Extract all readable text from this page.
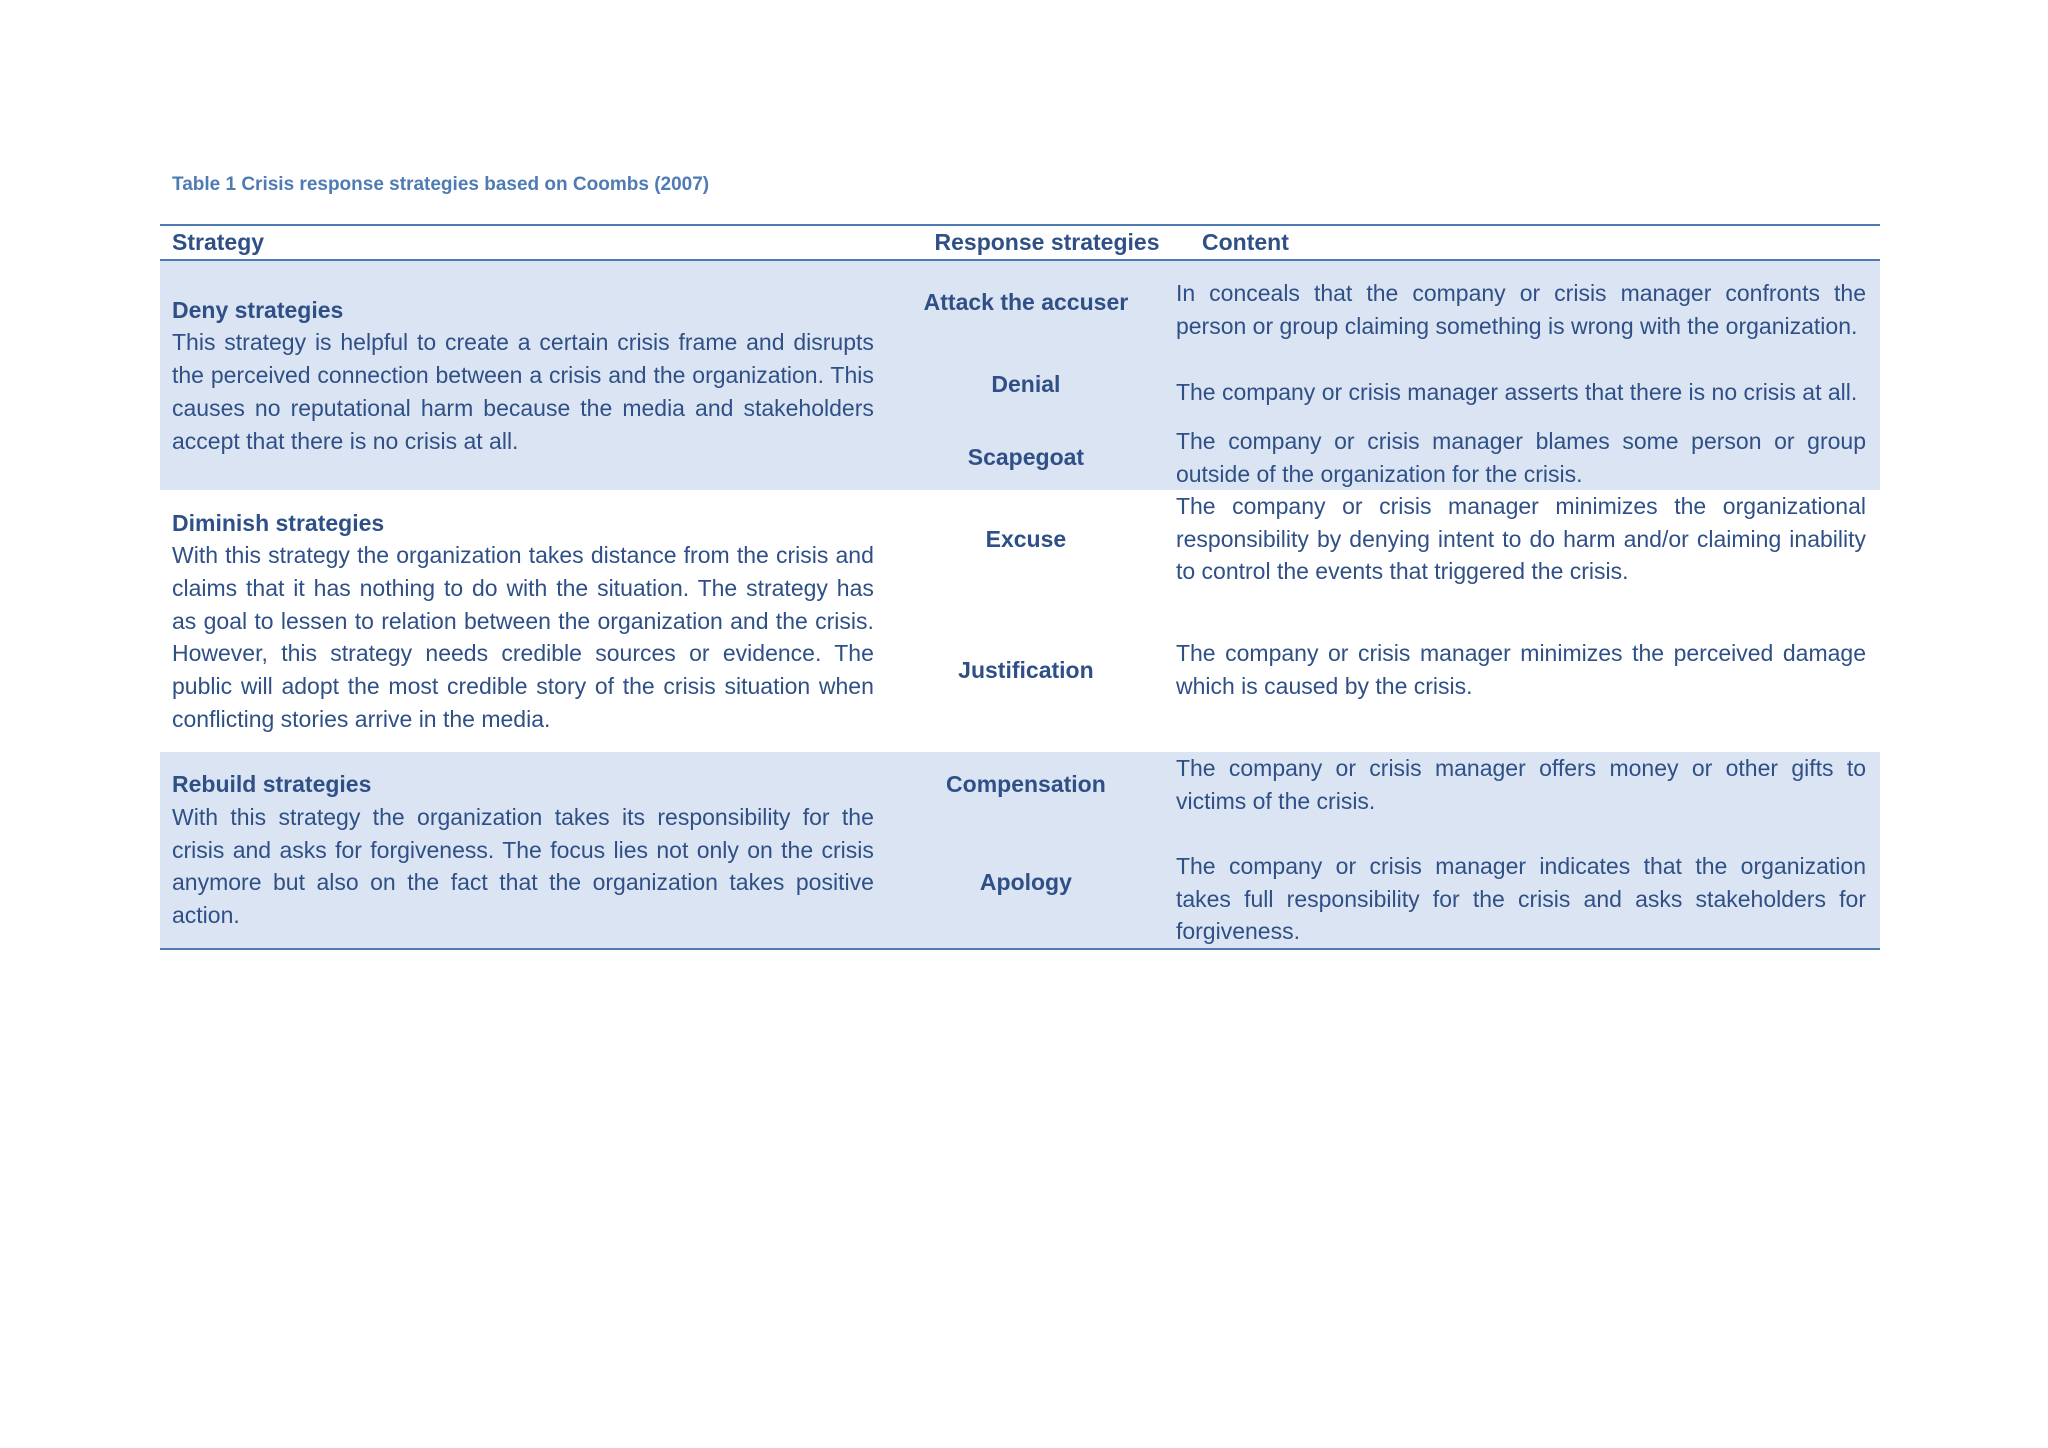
Table 1 Crisis response strategies based on Coombs (2007)
Strategy	Response strategies	Content
Deny strategies

This strategy is helpful to create a certain crisis frame and disrupts the perceived connection between a crisis and the organization. This causes no reputational harm because the media and stakeholders accept that there is no crisis at all.

Attack the accuser
Denial
Scapegoat
In conceals that the company or crisis manager confronts the person or group claiming something is wrong with the organization.
The company or crisis manager asserts that there is no crisis at all.
The company or crisis manager blames some person or group outside of the organization for the crisis.
Diminish strategies

With this strategy the organization takes distance from the crisis and claims that it has nothing to do with the situation. The strategy has as goal to lessen to relation between the organization and the crisis. However, this strategy needs credible sources or evidence. The public will adopt the most credible story of the crisis situation when conflicting stories arrive in the media.

Excuse
Justification
The company or crisis manager minimizes the organizational responsibility by denying intent to do harm and/or claiming inability to control the events that triggered the crisis.
The company or crisis manager minimizes the perceived damage which is caused by the crisis.
Rebuild strategies

With this strategy the organization takes its responsibility for the crisis and asks for forgiveness. The focus lies not only on the crisis anymore but also on the fact that the organization takes positive action.

Compensation
Apology
The company or crisis manager offers money or other gifts to victims of the crisis.
The company or crisis manager indicates that the organization takes full responsibility for the crisis and asks stakeholders for forgiveness.
